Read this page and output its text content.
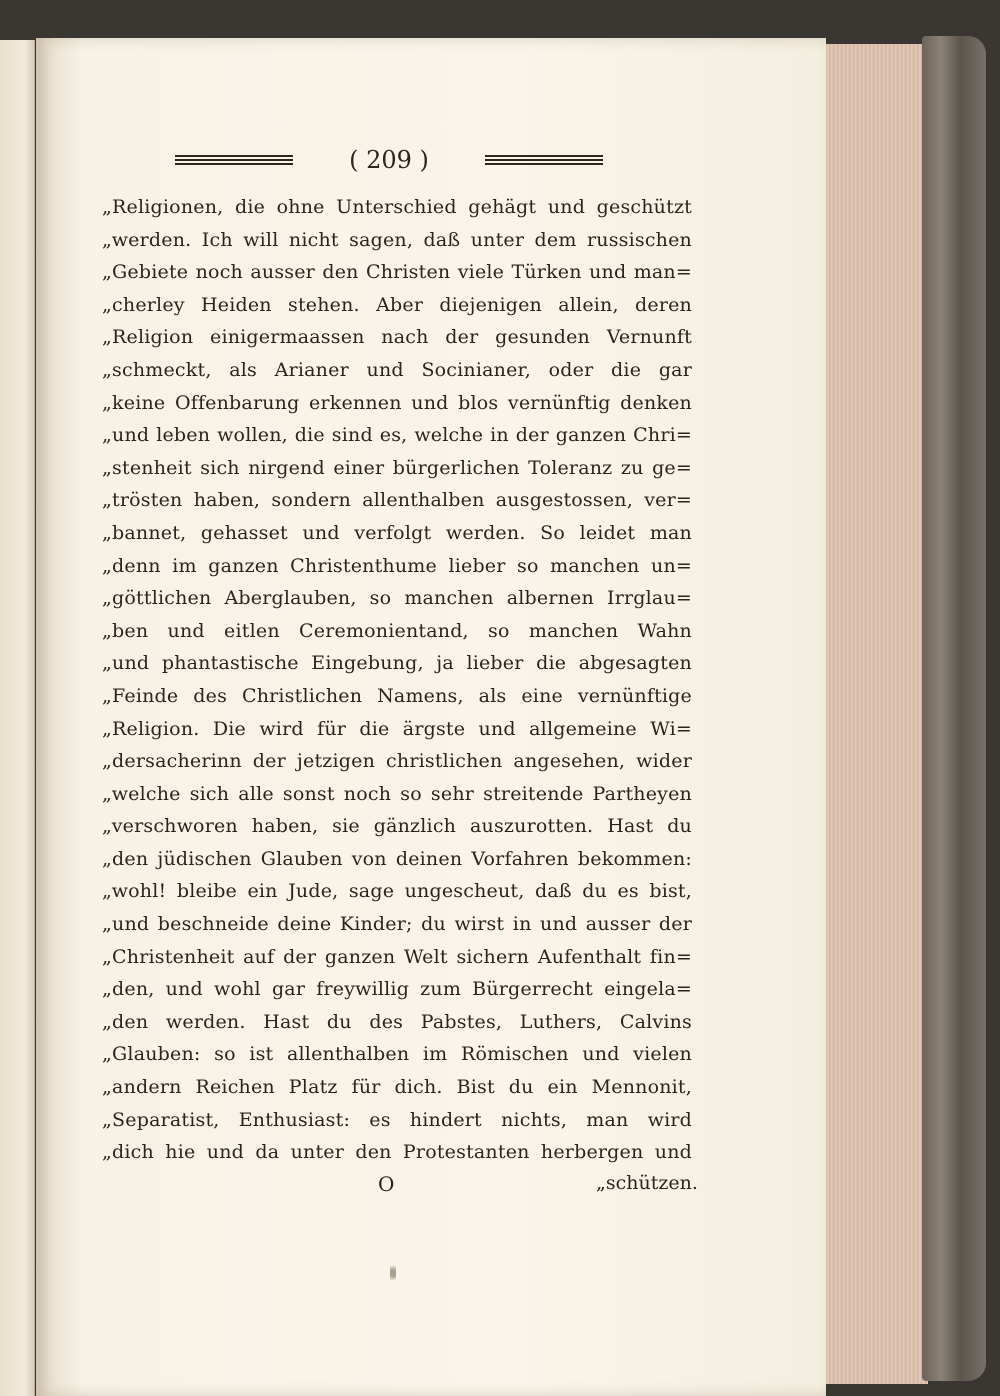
( 209 )
„Religionen, die ohne Unterschied gehägt und geschützt
„werden. Ich will nicht sagen, daß unter dem russischen
„Gebiete noch ausser den Christen viele Türken und man=
„cherley Heiden stehen. Aber diejenigen allein, deren
„Religion einigermaassen nach der gesunden Vernunft
„schmeckt, als Arianer und Socinianer, oder die gar
„keine Offenbarung erkennen und blos vernünftig denken
„und leben wollen, die sind es, welche in der ganzen Chri=
„stenheit sich nirgend einer bürgerlichen Toleranz zu ge=
„trösten haben, sondern allenthalben ausgestossen, ver=
„bannet, gehasset und verfolgt werden. So leidet man
„denn im ganzen Christenthume lieber so manchen un=
„göttlichen Aberglauben, so manchen albernen Irrglau=
„ben und eitlen Ceremonientand, so manchen Wahn
„und phantastische Eingebung, ja lieber die abgesagten
„Feinde des Christlichen Namens, als eine vernünftige
„Religion. Die wird für die ärgste und allgemeine Wi=
„dersacherinn der jetzigen christlichen angesehen, wider
„welche sich alle sonst noch so sehr streitende Partheyen
„verschworen haben, sie gänzlich auszurotten. Hast du
„den jüdischen Glauben von deinen Vorfahren bekommen:
„wohl! bleibe ein Jude, sage ungescheut, daß du es bist,
„und beschneide deine Kinder; du wirst in und ausser der
„Christenheit auf der ganzen Welt sichern Aufenthalt fin=
„den, und wohl gar freywillig zum Bürgerrecht eingela=
„den werden. Hast du des Pabstes, Luthers, Calvins
„Glauben: so ist allenthalben im Römischen und vielen
„andern Reichen Platz für dich. Bist du ein Mennonit,
„Separatist, Enthusiast: es hindert nichts, man wird
„dich hie und da unter den Protestanten herbergen und
O	„schützen.
